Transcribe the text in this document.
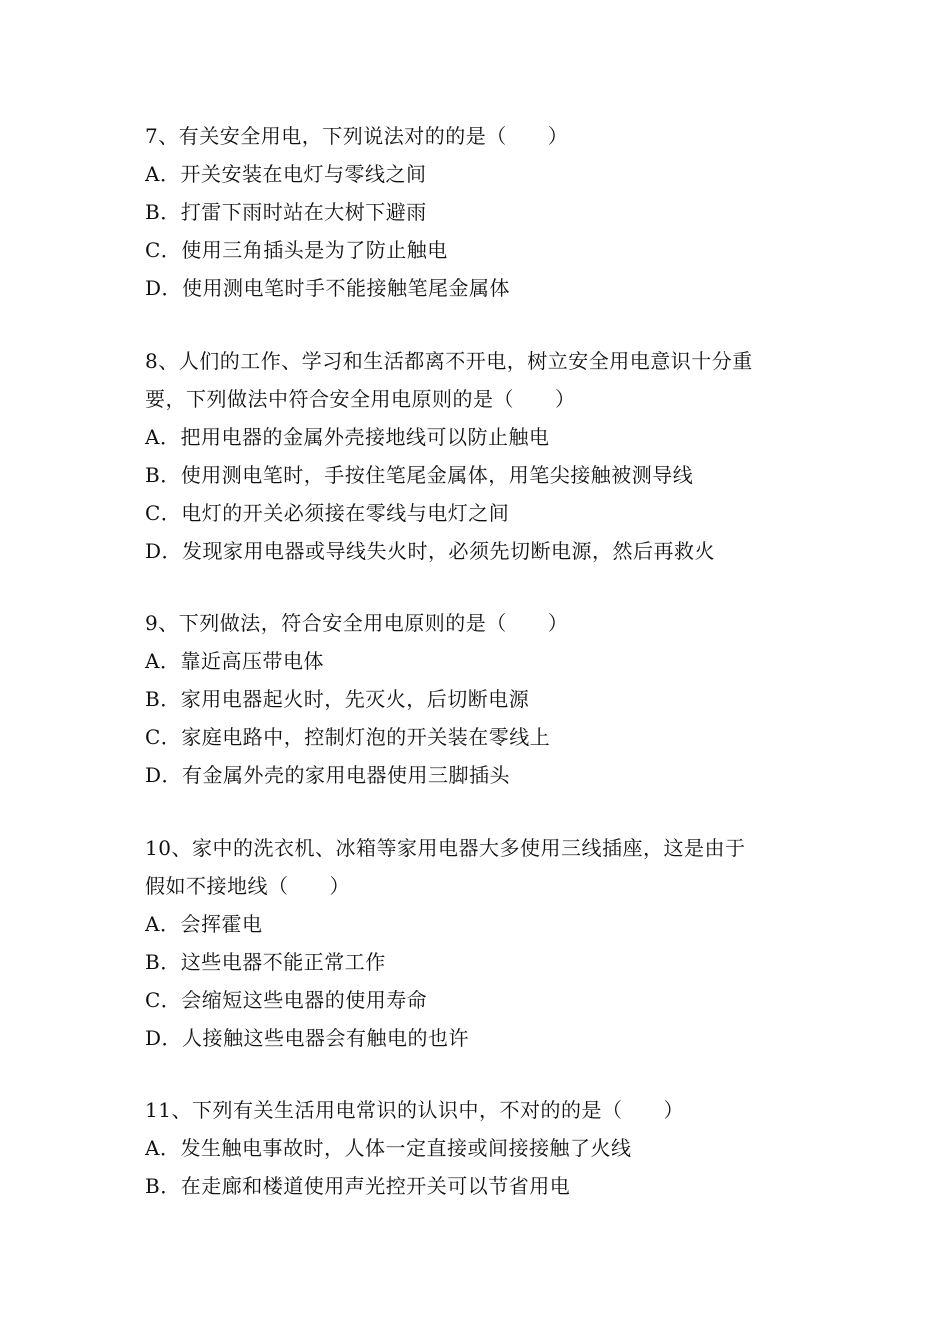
7、有关安全用电，下列说法对的的是（　　）

A．开关安装在电灯与零线之间

B．打雷下雨时站在大树下避雨

C．使用三角插头是为了防止触电

D．使用测电笔时手不能接触笔尾金属体

8、人们的工作、学习和生活都离不开电，树立安全用电意识十分重

要，下列做法中符合安全用电原则的是（　　）

A．把用电器的金属外壳接地线可以防止触电

B．使用测电笔时，手按住笔尾金属体，用笔尖接触被测导线

C．电灯的开关必须接在零线与电灯之间

D．发现家用电器或导线失火时，必须先切断电源，然后再救火

9、下列做法，符合安全用电原则的是（　　）

A．靠近高压带电体

B．家用电器起火时，先灭火，后切断电源

C．家庭电路中，控制灯泡的开关装在零线上

D．有金属外壳的家用电器使用三脚插头

10、家中的洗衣机、冰箱等家用电器大多使用三线插座，这是由于

假如不接地线（　　）

A．会挥霍电

B．这些电器不能正常工作

C．会缩短这些电器的使用寿命

D．人接触这些电器会有触电的也许

11、下列有关生活用电常识的认识中，不对的的是（　　）

A．发生触电事故时，人体一定直接或间接接触了火线

B．在走廊和楼道使用声光控开关可以节省用电
